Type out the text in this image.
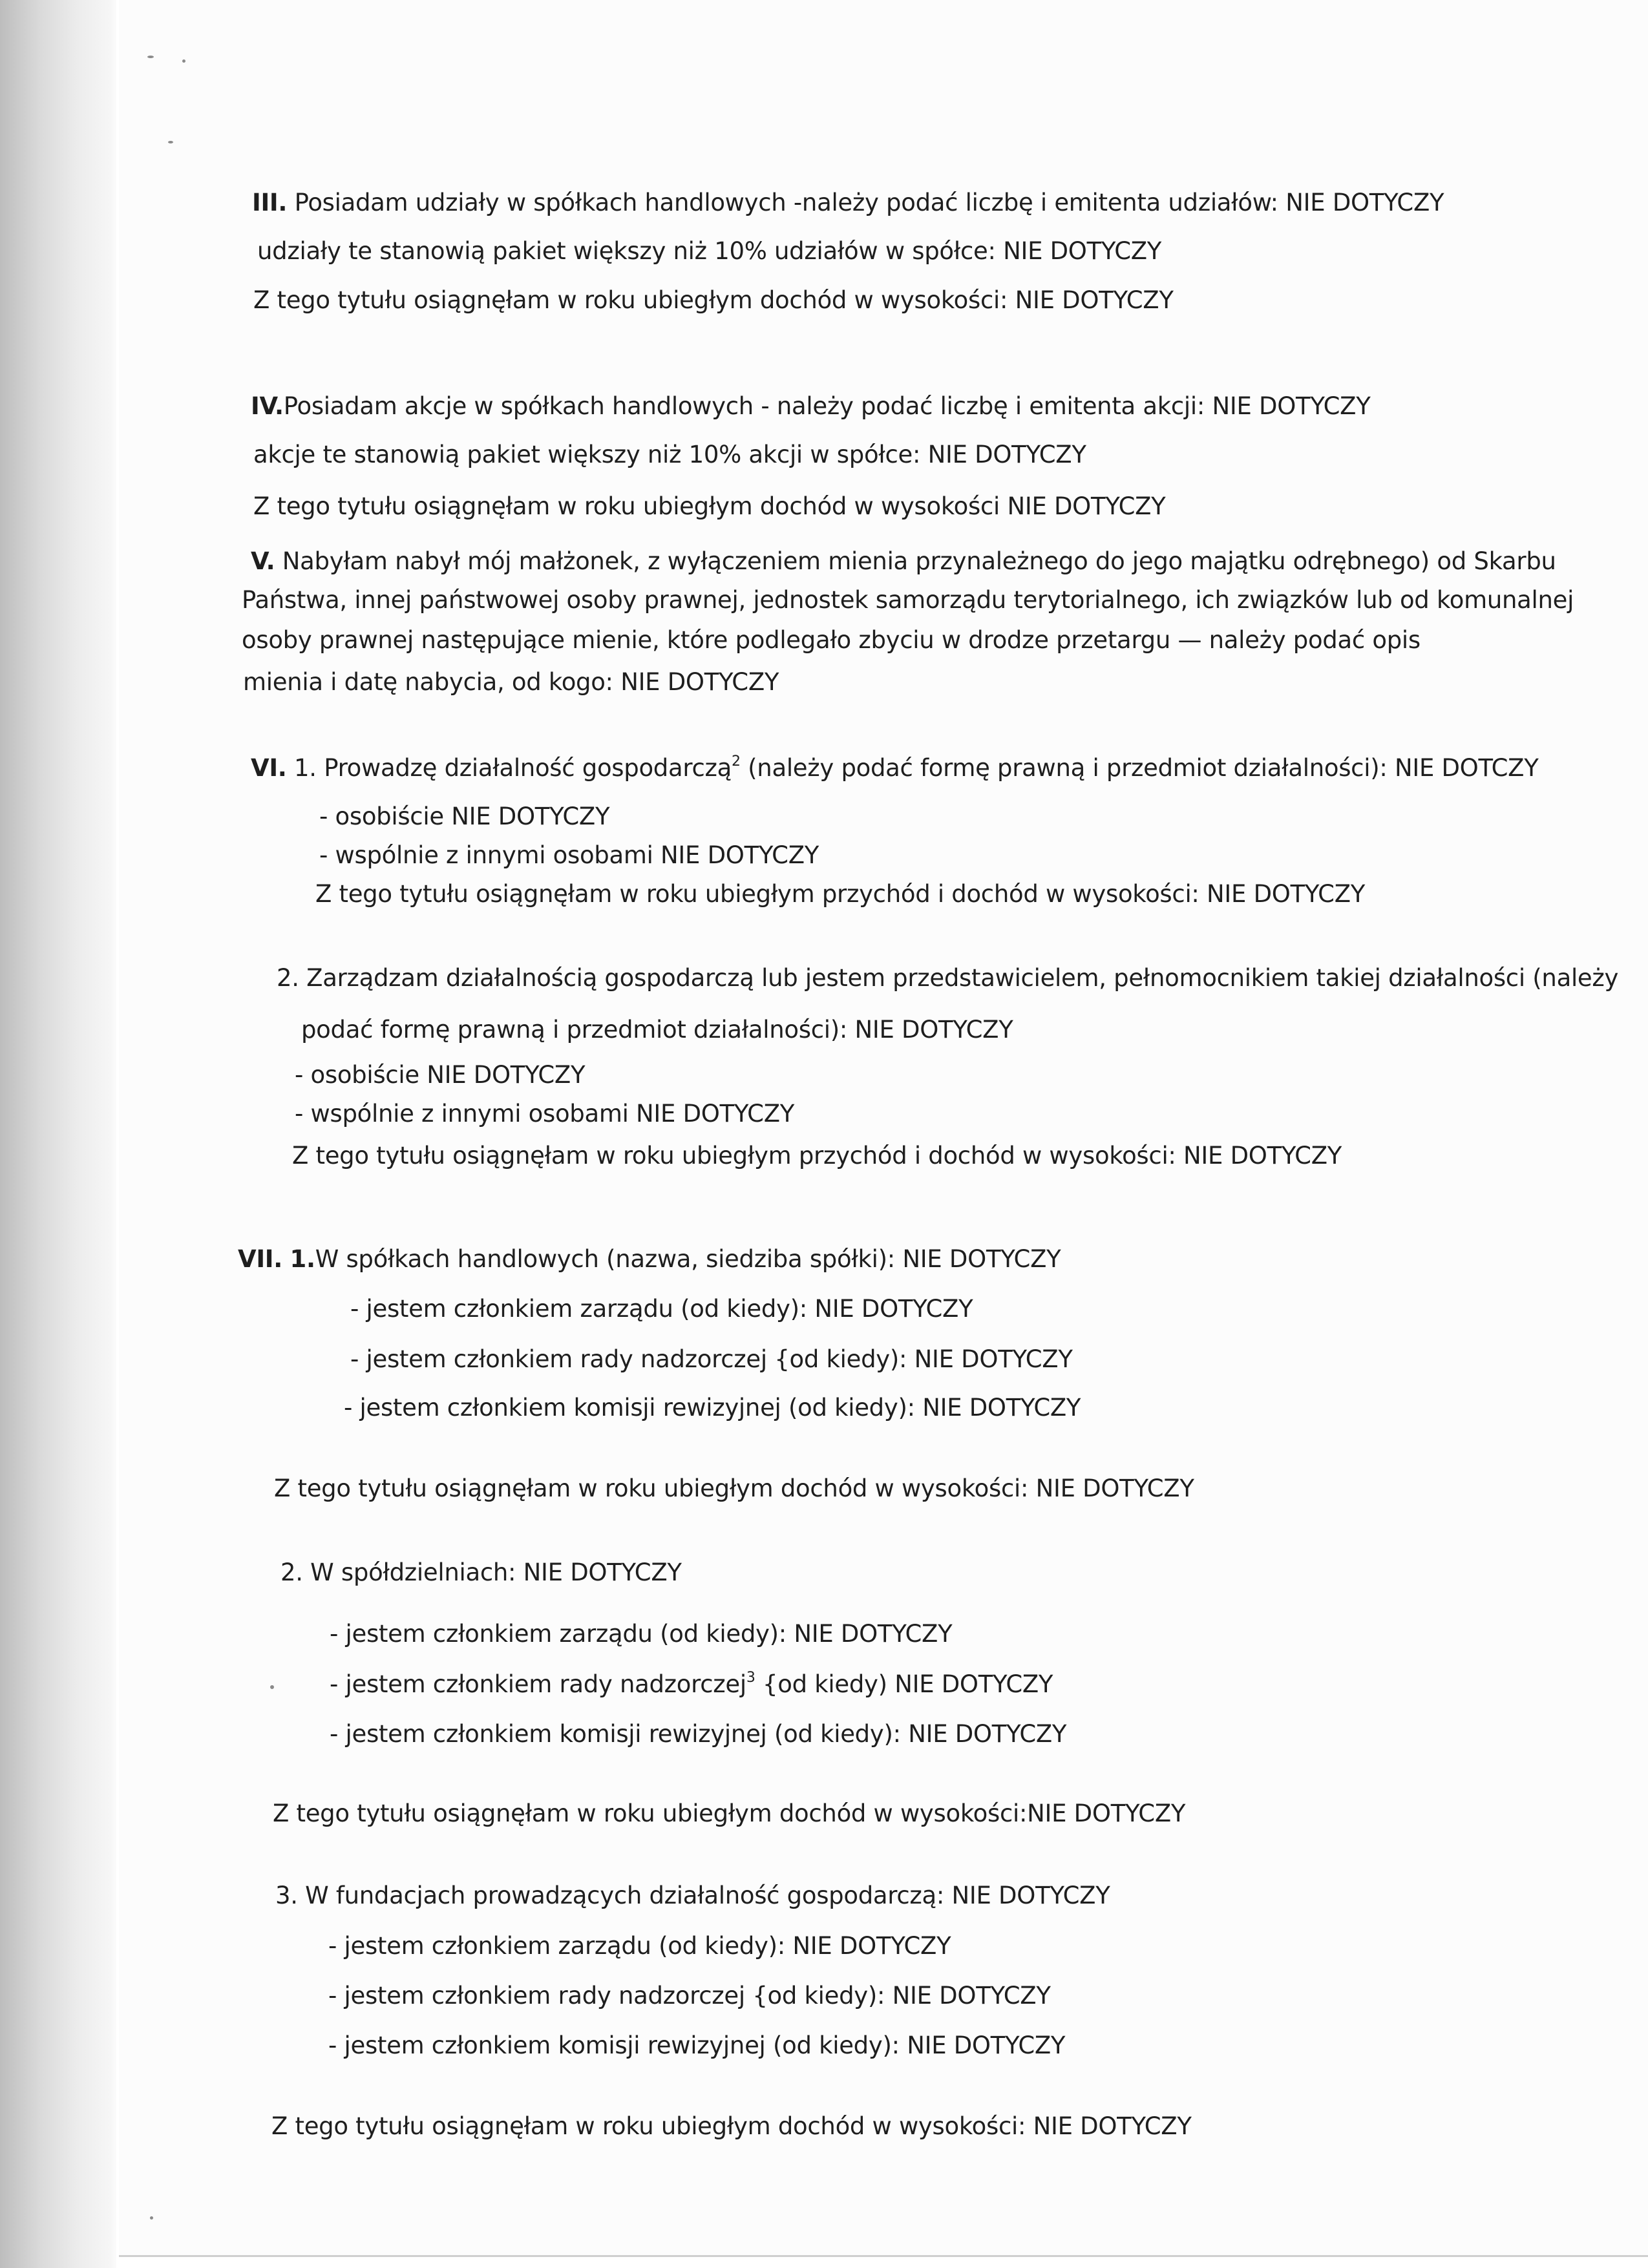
III. Posiadam udziały w spółkach handlowych -należy podać liczbę i emitenta udziałów: NIE DOTYCZY
udziały te stanowią pakiet większy niż 10% udziałów w spółce: NIE DOTYCZY
Z tego tytułu osiągnęłam w roku ubiegłym dochód w wysokości: NIE DOTYCZY
IV.Posiadam akcje w spółkach handlowych - należy podać liczbę i emitenta akcji: NIE DOTYCZY
akcje te stanowią pakiet większy niż 10% akcji w spółce: NIE DOTYCZY
Z tego tytułu osiągnęłam w roku ubiegłym dochód w wysokości NIE DOTYCZY
V. Nabyłam nabył mój małżonek, z wyłączeniem mienia przynależnego do jego majątku odrębnego) od Skarbu
Państwa, innej państwowej osoby prawnej, jednostek samorządu terytorialnego, ich związków lub od komunalnej
osoby prawnej następujące mienie, które podlegało zbyciu w drodze przetargu — należy podać opis
mienia i datę nabycia, od kogo: NIE DOTYCZY
VI. 1. Prowadzę działalność gospodarczą$^2$ (należy podać formę prawną i przedmiot działalności): NIE DOTCZY
- osobiście NIE DOTYCZY
- wspólnie z innymi osobami NIE DOTYCZY
Z tego tytułu osiągnęłam w roku ubiegłym przychód i dochód w wysokości: NIE DOTYCZY
2. Zarządzam działalnością gospodarczą lub jestem przedstawicielem, pełnomocnikiem takiej działalności (należy
podać formę prawną i przedmiot działalności): NIE DOTYCZY
- osobiście NIE DOTYCZY
- wspólnie z innymi osobami NIE DOTYCZY
Z tego tytułu osiągnęłam w roku ubiegłym przychód i dochód w wysokości: NIE DOTYCZY
VII. 1.W spółkach handlowych (nazwa, siedziba spółki): NIE DOTYCZY
- jestem członkiem zarządu (od kiedy): NIE DOTYCZY
- jestem członkiem rady nadzorczej {od kiedy): NIE DOTYCZY
- jestem członkiem komisji rewizyjnej (od kiedy): NIE DOTYCZY
Z tego tytułu osiągnęłam w roku ubiegłym dochód w wysokości: NIE DOTYCZY
2. W spółdzielniach: NIE DOTYCZY
- jestem członkiem zarządu (od kiedy): NIE DOTYCZY
- jestem członkiem rady nadzorczej$^3$ {od kiedy) NIE DOTYCZY
- jestem członkiem komisji rewizyjnej (od kiedy): NIE DOTYCZY
Z tego tytułu osiągnęłam w roku ubiegłym dochód w wysokości:NIE DOTYCZY
3. W fundacjach prowadzących działalność gospodarczą: NIE DOTYCZY
- jestem członkiem zarządu (od kiedy): NIE DOTYCZY
- jestem członkiem rady nadzorczej {od kiedy): NIE DOTYCZY
- jestem członkiem komisji rewizyjnej (od kiedy): NIE DOTYCZY
Z tego tytułu osiągnęłam w roku ubiegłym dochód w wysokości: NIE DOTYCZY
